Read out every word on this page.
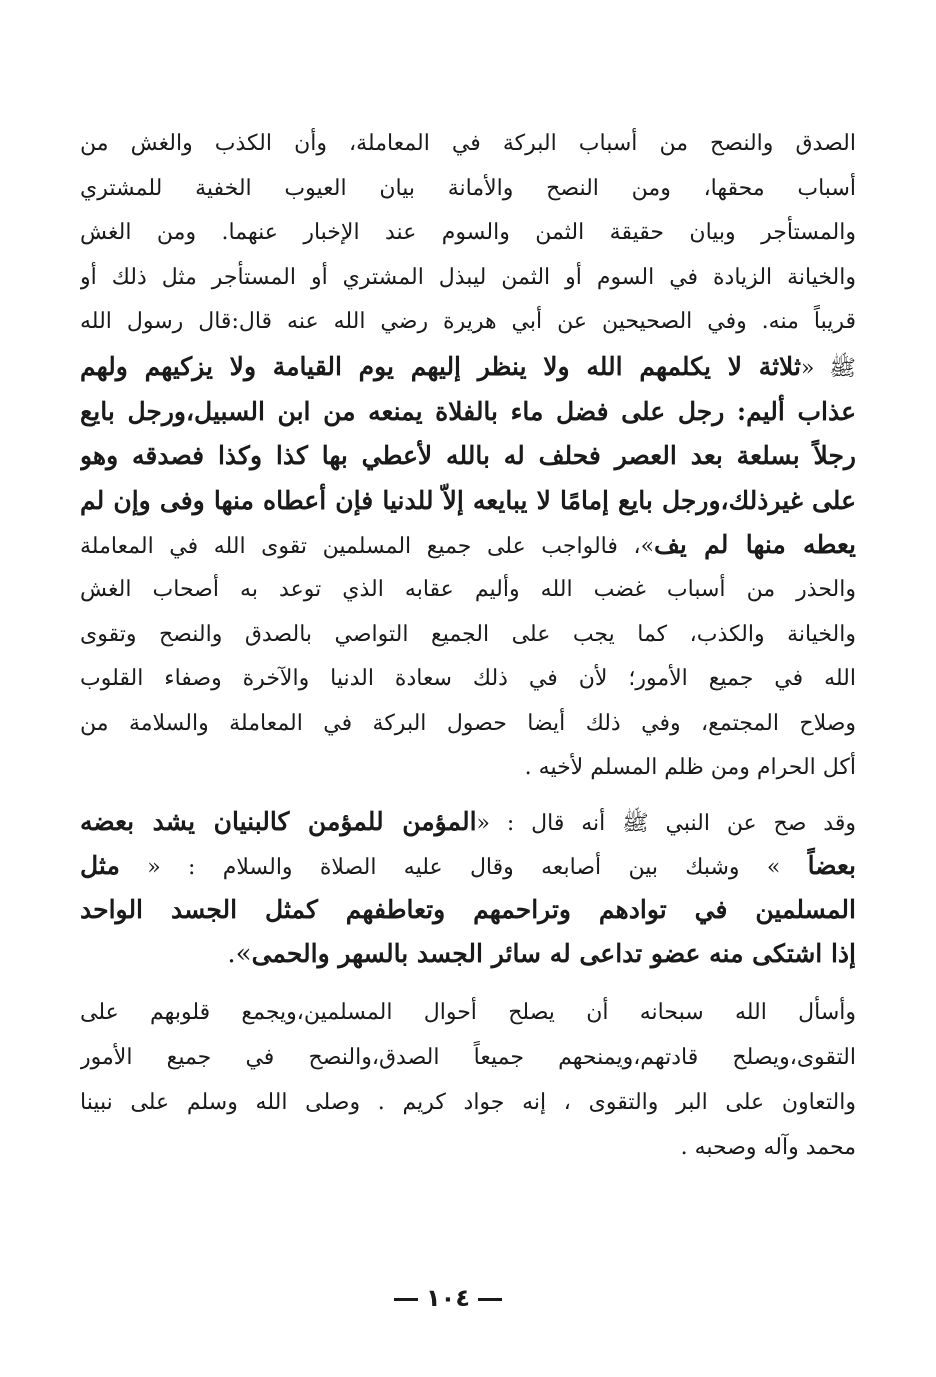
الصدق والنصح من أسباب البركة في المعاملة، وأن الكذب والغش من
أسباب محقها، ومن النصح والأمانة بيان العيوب الخفية للمشتري
والمستأجر وبيان حقيقة الثمن والسوم عند الإخبار عنهما. ومن الغش
والخيانة الزيادة في السوم أو الثمن ليبذل المشتري أو المستأجر مثل ذلك أو
قريباً منه. وفي الصحيحين عن أبي هريرة رضي الله عنه قال:قال رسول الله
ﷺ «ثلاثة لا يكلمهم الله ولا ينظر إليهم يوم القيامة ولا يزكيهم ولهم
عذاب أليم: رجل على فضل ماء بالفلاة يمنعه من ابن السبيل،ورجل بايع
رجلاً بسلعة بعد العصر فحلف له بالله لأعطي بها كذا وكذا فصدقه وهو
على غيرذلك،ورجل بايع إمامًا لا يبايعه إلاّ للدنيا فإن أعطاه منها وفى وإن لم
يعطه منها لم يف»، فالواجب على جميع المسلمين تقوى الله في المعاملة
والحذر من أسباب غضب الله وأليم عقابه الذي توعد به أصحاب الغش
والخيانة والكذب، كما يجب على الجميع التواصي بالصدق والنصح وتقوى
الله في جميع الأمور؛ لأن في ذلك سعادة الدنيا والآخرة وصفاء القلوب
وصلاح المجتمع، وفي ذلك أيضا حصول البركة في المعاملة والسلامة من
أكل الحرام ومن ظلم المسلم لأخيه .
وقد صح عن النبي ﷺ أنه قال : «المؤمن للمؤمن كالبنيان يشد بعضه
بعضاً » وشبك بين أصابعه وقال عليه الصلاة والسلام : « مثل
المسلمين في توادهم وتراحمهم وتعاطفهم كمثل الجسد الواحد
إذا اشتكى منه عضو تداعى له سائر الجسد بالسهر والحمى».
وأسأل الله سبحانه أن يصلح أحوال المسلمين،ويجمع قلوبهم على
التقوى،ويصلح قادتهم،ويمنحهم جميعاً الصدق،والنصح في جميع الأمور
والتعاون على البر والتقوى ، إنه جواد كريم . وصلى الله وسلم على نبينا
محمد وآله وصحبه .
١٠٤
